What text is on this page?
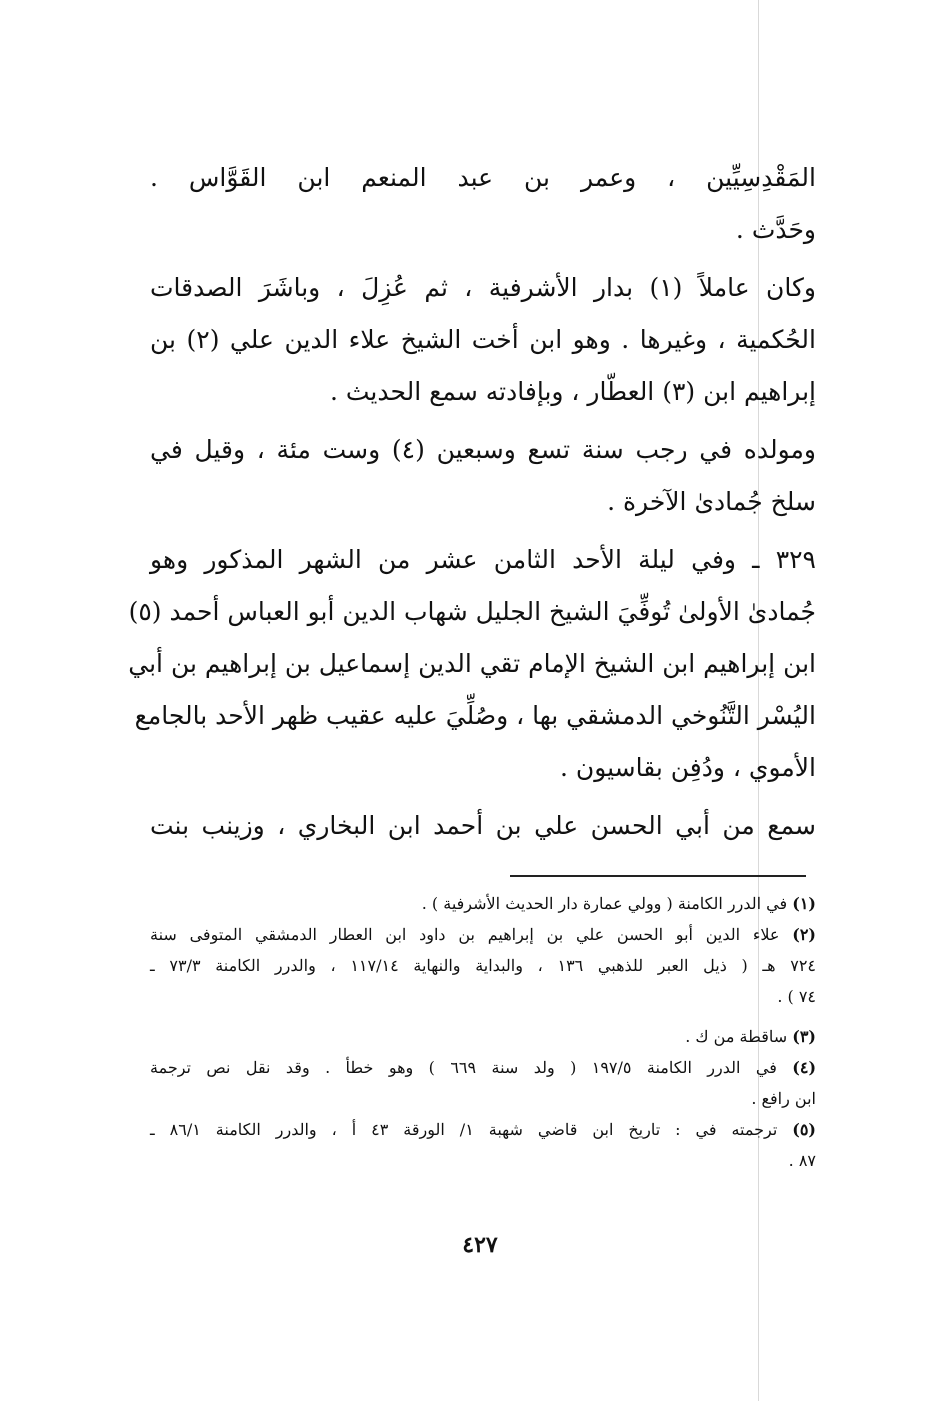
المَقْدِسِيِّين ، وعمر بن عبد المنعم ابن القَوَّاس .
وحَدَّث .
وكان عاملاً (١) بدار الأشرفية ، ثم عُزِلَ ، وباشَرَ الصدقات
الحُكمية ، وغيرها . وهو ابن أخت الشيخ علاء الدين علي (٢) بن
إبراهيم ابن (٣) العطّار ، وبإفادته سمع الحديث .
ومولده في رجب سنة تسع وسبعين (٤) وست مئة ، وقيل في
سلخ جُمادىٰ الآخرة .
٣٢٩ ـ وفي ليلة الأحد الثامن عشر من الشهر المذكور وهو
جُمادىٰ الأولىٰ تُوفِّيَ الشيخ الجليل شهاب الدين أبو العباس أحمد (٥)
ابن إبراهيم ابن الشيخ الإمام تقي الدين إسماعيل بن إبراهيم بن أبي
اليُسْر التَّنُوخي الدمشقي بها ، وصُلِّيَ عليه عقيب ظهر الأحد بالجامع
الأموي ، ودُفِن بقاسيون .
سمع من أبي الحسن علي بن أحمد ابن البخاري ، وزينب بنت
(١) في الدرر الكامنة ( وولي عمارة دار الحديث الأشرفية ) .
(٢) علاء الدين أبو الحسن علي بن إبراهيم بن داود ابن العطار الدمشقي المتوفى سنة
٧٢٤ هـ ( ذيل العبر للذهبي ١٣٦ ، والبداية والنهاية ١١٧/١٤ ، والدرر الكامنة ٧٣/٣ ـ
٧٤ ) .
(٣) ساقطة من ك .
(٤) في الدرر الكامنة ١٩٧/٥ ( ولد سنة ٦٦٩ ) وهو خطأ . وقد نقل نص ترجمة
ابن رافع .
(٥) ترجمته في : تاريخ ابن قاضي شهبة ١/ الورقة ٤٣ أ ، والدرر الكامنة ٨٦/١ ـ
٨٧ .
٤٢٧
